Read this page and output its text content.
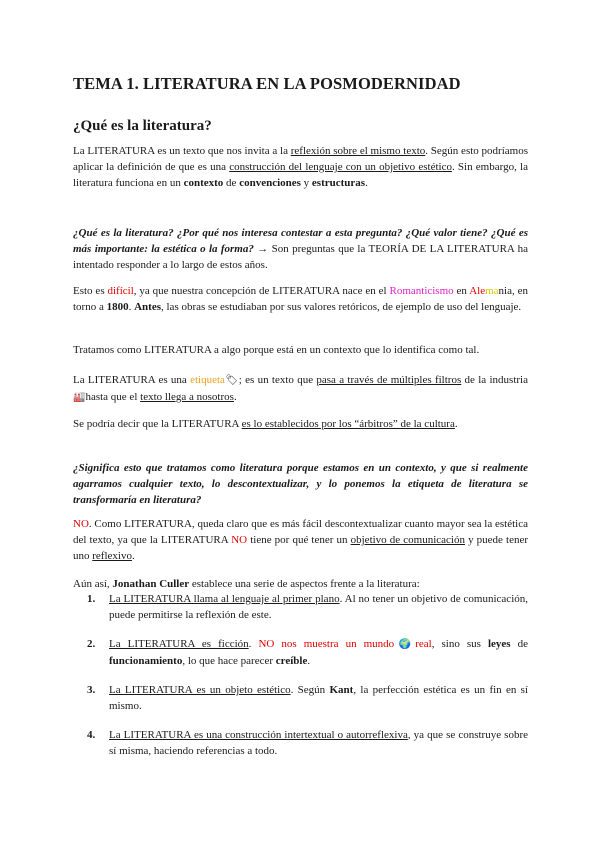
TEMA 1. LITERATURA EN LA POSMODERNIDAD
¿Qué es la literatura?

La LITERATURA es un texto que nos invita a la reflexión sobre el mismo texto. Según esto podríamos aplicar la definición de que es una construcción del lenguaje con un objetivo estético. Sin embargo, la literatura funciona en un contexto de convenciones y estructuras.

¿Qué es la literatura? ¿Por qué nos interesa contestar a esta pregunta? ¿Qué valor tiene? ¿Qué es más importante: la estética o la forma? → Son preguntas que la TEORÍA DE LA LITERATURA ha intentado responder a lo largo de estos años.

Esto es difícil, ya que nuestra concepción de LITERATURA nace en el Romanticismo en Alemania, en torno a 1800. Antes, las obras se estudiaban por sus valores retóricos, de ejemplo de uso del lenguaje.

Tratamos como LITERATURA a algo porque está en un contexto que lo identifica como tal.

La LITERATURA es una etiqueta🏷; es un texto que pasa a través de múltiples filtros de la industria🏭hasta que el texto llega a nosotros.

Se podría decir que la LITERATURA es lo establecidos por los “árbitros” de la cultura.

¿Significa esto que tratamos como literatura porque estamos en un contexto, y que si realmente agarramos cualquier texto, lo descontextualizar, y lo ponemos la etiqueta de literatura se transformaría en literatura?

NO. Como LITERATURA, queda claro que es más fácil descontextualizar cuanto mayor sea la estética del texto, ya que la LITERATURA NO tiene por qué tener un objetivo de comunicación y puede tener uno reflexivo.

Aún así, Jonathan Culler establece una serie de aspectos frente a la literatura:

1. La LITERATURA llama al lenguaje al primer plano. Al no tener un objetivo de comunicación, puede permitirse la reflexión de este.
2. La LITERATURA es ficción. NO nos muestra un mundo🌍real, sino sus leyes de funcionamiento, lo que hace parecer creíble.
3. La LITERATURA es un objeto estético. Según Kant, la perfección estética es un fin en sí mismo.
4. La LITERATURA es una construcción intertextual o autorreflexiva, ya que se construye sobre sí misma, haciendo referencias a todo.
